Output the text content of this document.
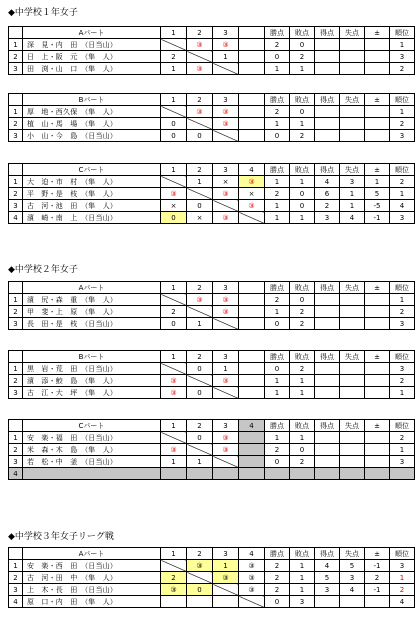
◆中学校１年女子
	Aパート	1	2	3		勝点	敗点	得点	失点	±	順位
1	深　見・内　田　（日当山）		③	③		2	0				1
2	日　上・阪　元　（隼　人）	2		1		0	2				3
3	田　渕・山　口　（隼　人）	1	③			1	1				2
	Bパート	1	2	3		勝点	敗点	得点	失点	±	順位
1	厚　地・西久保　（隼　人）		③	③		2	0				1
2	植　山・馬　場　（隼　人）	0		③		1	1				2
3	小　山・今　島　（日当山）	0	0			0	2				3
	Cパート	1	2	3	4	勝点	敗点	得点	失点	±	順位
1	大　迫・市　村　（隼　人）		1	×	③	1	1	4	3	1	2
2	平　野・是　枝　（隼　人）	③		③	×	2	0	6	1	5	1
3	古　河・池　田　（隼　人）	×	0		③	1	0	2	1	-5	4
4	濱　崎・南　上　（日当山）	0	×	③		1	1	3	4	-1	3
◆中学校２年女子
	Aパート	1	2	3		勝点	敗点	得点	失点	±	順位
1	濱　尻・森　重　（隼　人）		③	③		2	0				1
2	甲　斐・上　原　（隼　人）	2		③		1	2				2
3	長　田・是　枝　（日当山）	0	1			0	2				3
	Bパート	1	2	3		勝点	敗点	得点	失点	±	順位
1	黒　岩・荒　田　（日当山）		0	1		0	2				3
2	濱　添・鮫　島　（隼　人）	③		③		1	1				2
3	古　江・大　坪　（隼　人）	③	0			1	1				1
	Cパート	1	2	3	4	勝点	敗点	得点	失点	±	順位
1	安　楽・福　田　（日当山）		0	③		1	1				2
2	米　森・木　島　（隼　人）	③		③		2	0				1
3	若　松・中　釜　（日当山）	1	1			0	2				3
4											
◆中学校３年女子リーグ戦
	Aパート	1	2	3	4	勝点	敗点	得点	失点	±	順位
1	安　楽・西　田　（日当山）		③	1	③	2	1	4	5	-1	3
2	古　河・田　中　（隼　人）	2		③	③	2	1	5	3	2	1
3	上　木・長　田　（日当山）	③	0		③	2	1	3	4	-1	2
4	原　口・内　田　（隼　人）					0	3				4
